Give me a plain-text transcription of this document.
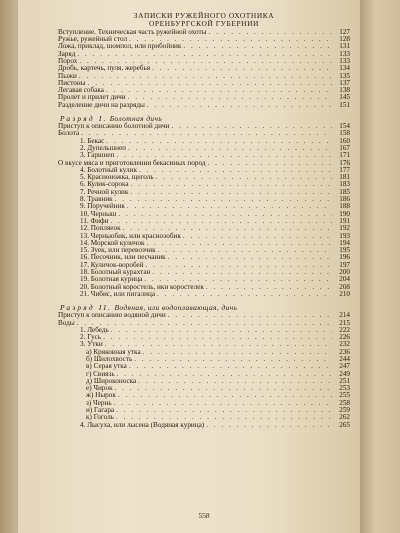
ЗАПИСКИ РУЖЕЙНОГО ОХОТНИКА
ОРЕНБУРГСКОЙ ГУБЕРНИИ
Вступление. Техническая часть ружейной охоты . . .	127
Ружье, ружейный стол . . .	128
Ложа, приклад, шомпол, или прибойник . . .	131
Заряд . . .	133
Порох . . .	133
Дробь, картечь, пуля, жеребья . . .	134
Пыжи . . .	135
Пистоны . . .	137
Легавая собака . . .	138
Пролет и прилет дичи . . .	145
Разделение дичи на разряды . . .	151
Разряд I. Болотная дичь
Приступ к описанию болотной дичи . . .	154
Болота . . .	158
1. Бекас . . .	160
2. Дупельшнеп . . .	167
3. Гаршнеп . . .	171
О вкусе мяса и приготовлении бекасиных пород . . .	176
4. Болотный кулик . . .	177
5. Красноножка, щеголь . . .	181
6. Кулик-сорока . . .	183
7. Речной кулик . . .	185
8. Травник . . .	186
9. Поручейник . . .	188
10. Черныш . . .	190
11. Фифи . . .	191
12. Попляеок . . .	192
13. Черныобик, или красноэобик . . .	193
14. Морской куличок . . .	194
15. Зуек, или перевозчик . . .	195
16. Песочник, или песчаник . . .	196
17. Куличок-воробей . . .	197
18. Болотный курахтан . . .	200
19. Болотная курица . . .	204
20. Болотный коростель, ики коростелек . . .	208
21. Чибис, или пигалица . . .	210
Разряд II. Водяная, или водоплавающая, дичь
Приступ к описанию водяной дичи . . .	214
Воды . . .	215
1. Лебедь . . .	222
2. Гусь . . .	226
3. Утки . . .	232
а) Кряковная утка . . .	236
б) Шилохвость . . .	244
в) Серая утка . . .	247
г) Свиязь . . .	249
д) Широконоска . . .	251
е) Чирок . . .	253
ж) Нырок . . .	255
з) Чернь . . .	258
и) Гагара . . .	259
к) Гоголь . . .	262
4. Лысуха, или лысена (Водяная курица) . . .	265
558
